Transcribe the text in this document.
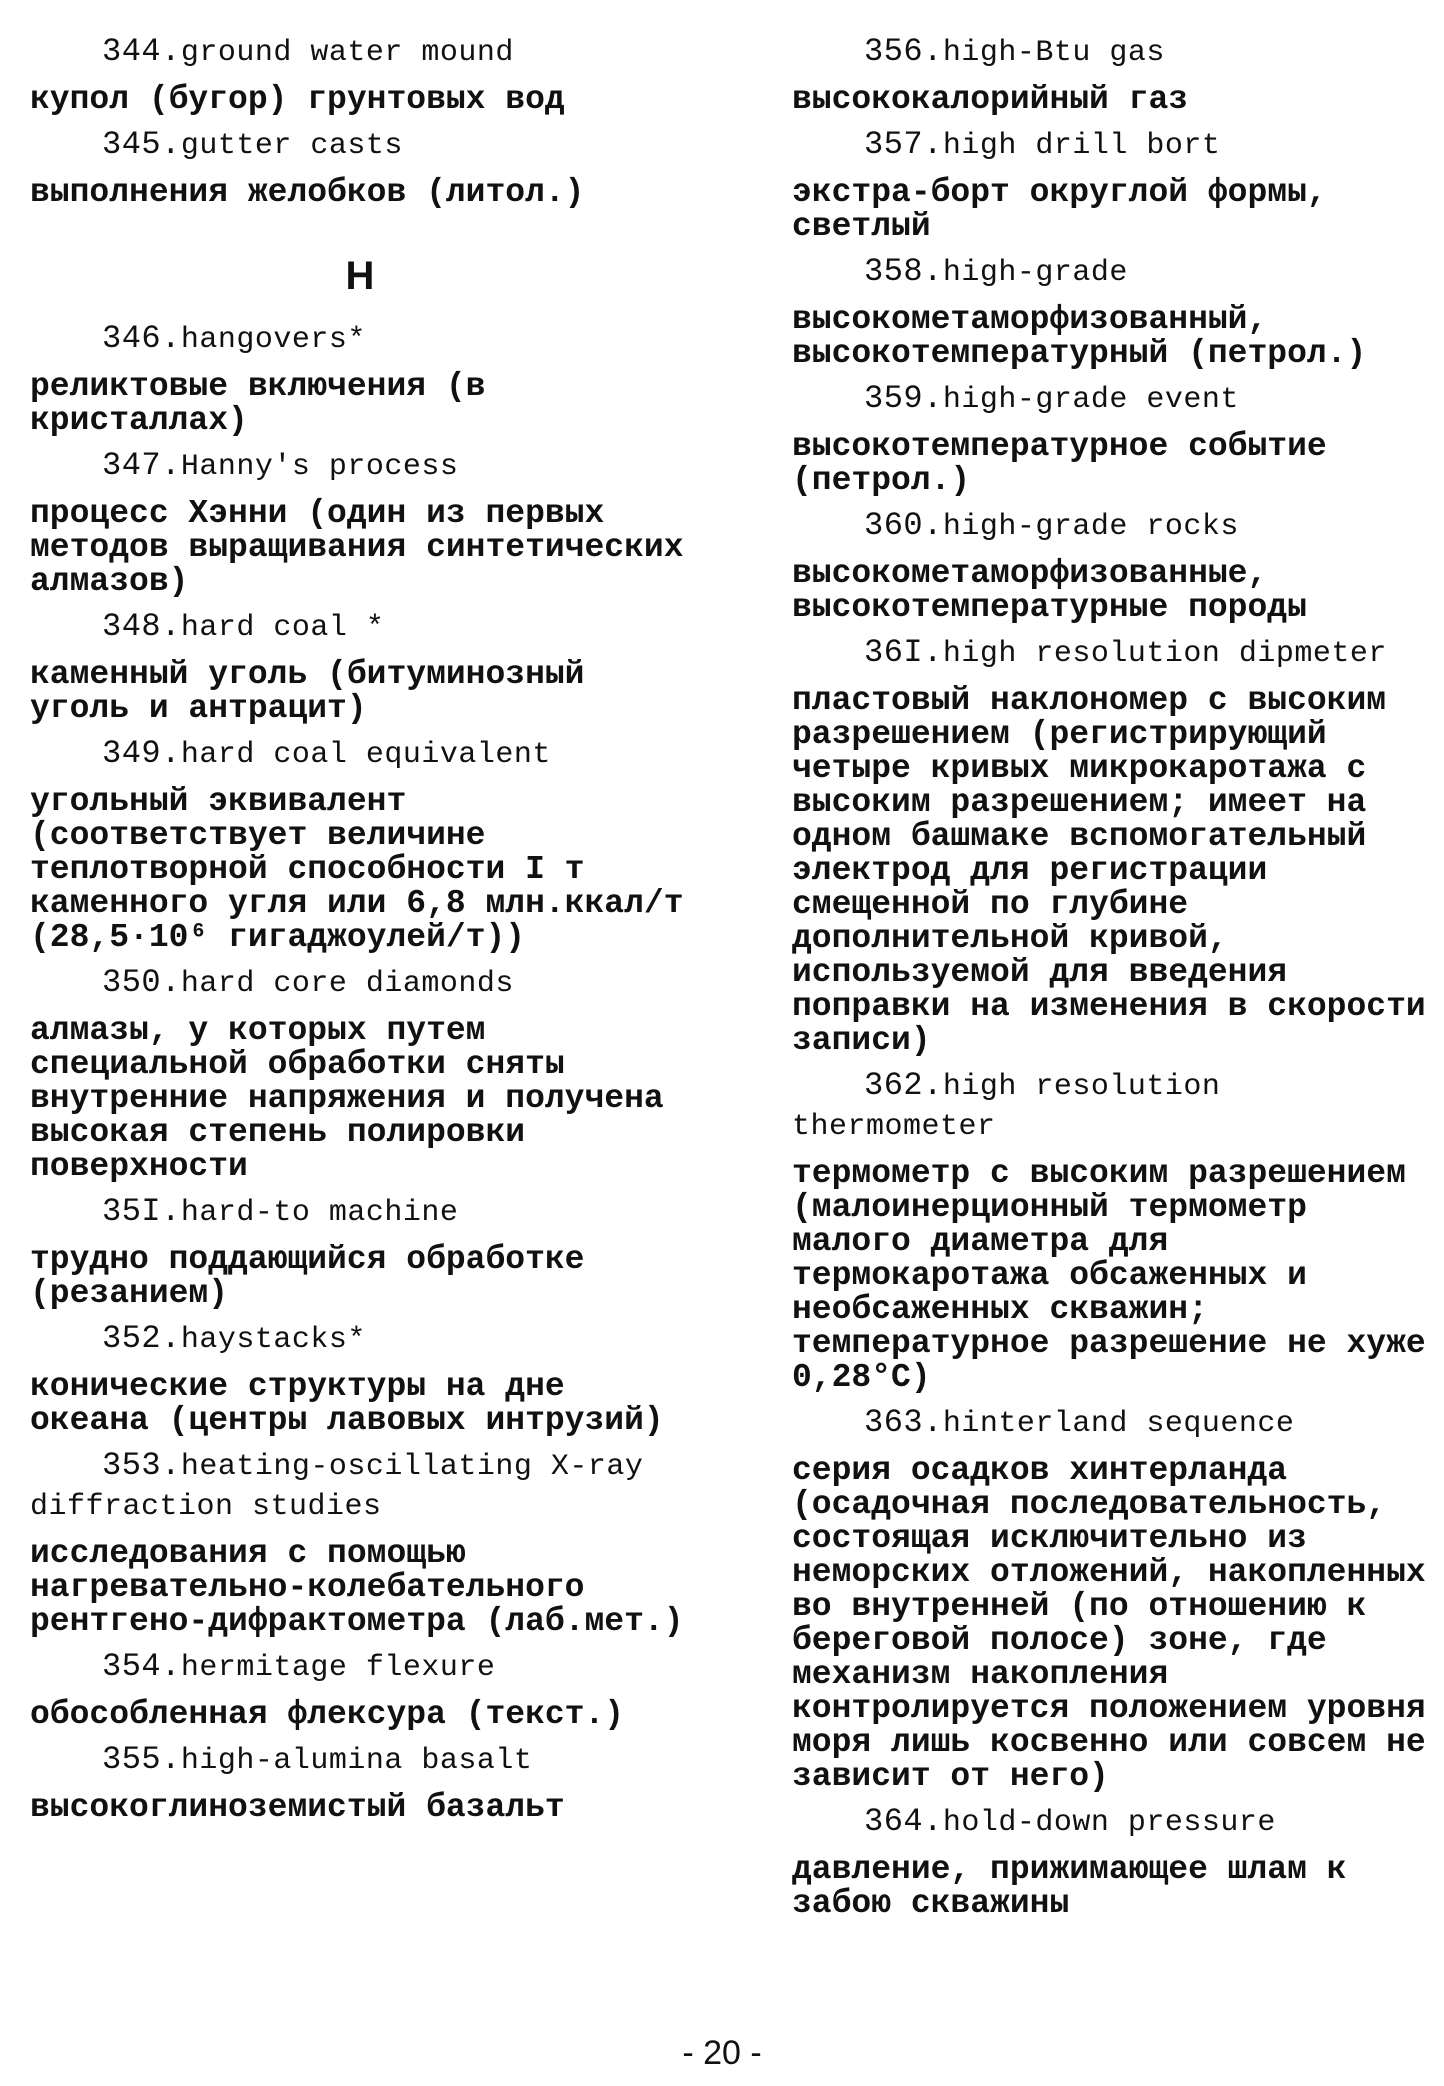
344.ground water mound
купол (бугор) грунтовых вод
345.gutter casts
выполнения желобков (литол.)
H
346.hangovers*
реликтовые включения (в кристаллах)
347.Hanny's process
процесс Хэнни (один из первых методов выращивания синтетических алмазов)
348.hard coal *
каменный уголь (битуминозный уголь и антрацит)
349.hard coal equivalent
угольный эквивалент (соответствует величине теплотворной способности I т каменного угля или 6,8 млн.ккал/т (28,5·10⁶ гигаджоулей/т))
350.hard core diamonds
алмазы, у которых путем специальной обработки сняты внутренние напряжения и получена высокая степень полировки поверхности
35I.hard-to machine
трудно поддающийся обработке (резанием)
352.haystacks*
конические структуры на дне океана (центры лавовых интрузий)
353.heating-oscillating X-ray diffraction studies
исследования с помощью нагревательно-колебательного рентгено-дифрактометра (лаб.мет.)
354.hermitage flexure
обособленная флексура (текст.)
355.high-alumina basalt
высокоглиноземистый базальт
356.high-Btu gas
высококалорийный газ
357.high drill bort
экстра-борт округлой формы, светлый
358.high-grade
высокометаморфизованный, высокотемпературный (петрол.)
359.high-grade event
высокотемпературное событие (петрол.)
360.high-grade rocks
высокометаморфизованные, высокотемпературные породы
36I.high resolution dipmeter
пластовый наклономер с высоким разрешением (регистрирующий четыре кривых микрокаротажа с высоким разрешением; имеет на одном башмаке вспомогательный электрод для регистрации смещенной по глубине дополнительной кривой, используемой для введения поправки на изменения в скорости записи)
362.high resolution thermometer
термометр с высоким разрешением (малоинерционный термометр малого диаметра для термокаротажа обсаженных и необсаженных скважин; температурное разрешение не хуже 0,28°С)
363.hinterland sequence
серия осадков хинтерланда (осадочная последовательность, состоящая исключительно из неморских отложений, накопленных во внутренней (по отношению к береговой полосе) зоне, где механизм накопления контролируется положением уровня моря лишь косвенно или совсем не зависит от него)
364.hold-down pressure
давление, прижимающее шлам к забою скважины
- 20 -
